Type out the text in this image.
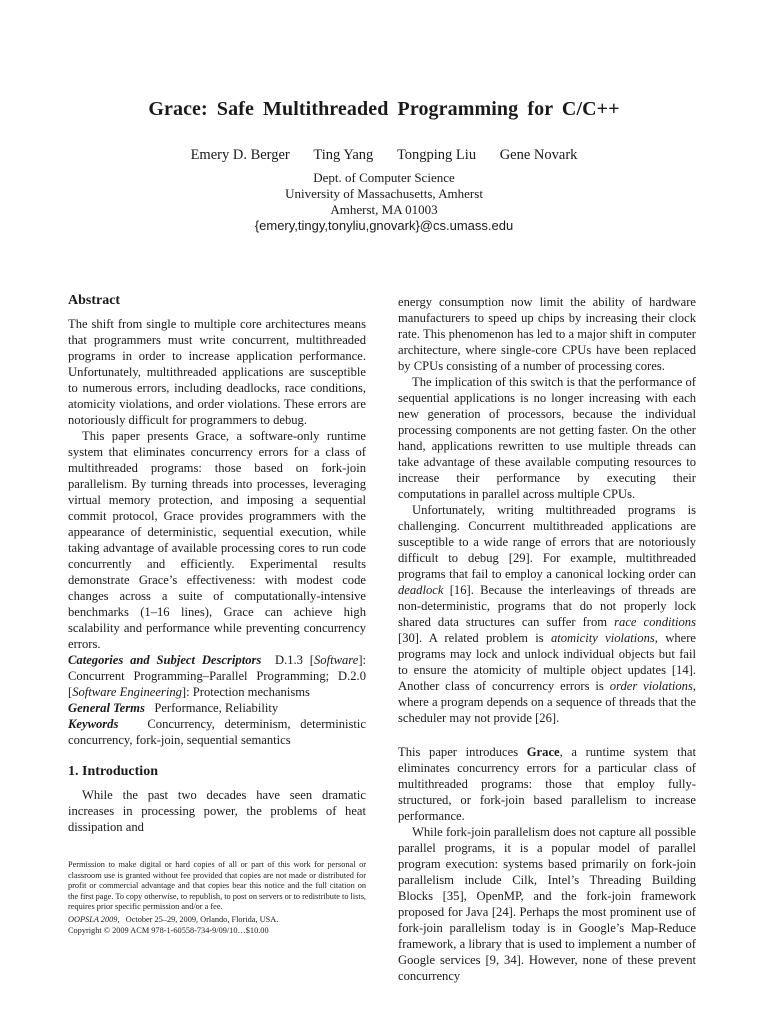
Grace: Safe Multithreaded Programming for C/C++
Emery D. Berger Ting Yang Tongping Liu Gene Novark
Dept. of Computer Science
University of Massachusetts, Amherst
Amherst, MA 01003
{emery,tingy,tonyliu,gnovark}@cs.umass.edu
Abstract

The shift from single to multiple core architectures means that programmers must write concurrent, multithreaded programs in order to increase application performance. Unfortunately, multithreaded applications are susceptible to numerous errors, including deadlocks, race conditions, atomicity violations, and order violations. These errors are notoriously difficult for programmers to debug.

This paper presents Grace, a software-only runtime system that eliminates concurrency errors for a class of multithreaded programs: those based on fork-join parallelism. By turning threads into processes, leveraging virtual memory protection, and imposing a sequential commit protocol, Grace provides programmers with the appearance of deterministic, sequential execution, while taking advantage of available processing cores to run code concurrently and efficiently. Experimental results demonstrate Grace’s effectiveness: with modest code changes across a suite of computationally-intensive benchmarks (1–16 lines), Grace can achieve high scalability and performance while preventing concurrency errors.

Categories and Subject Descriptors D.1.3 [Software]: Concurrent Programming–Parallel Programming; D.2.0 [Software Engineering]: Protection mechanisms

General Terms Performance, Reliability

Keywords Concurrency, determinism, deterministic concurrency, fork-join, sequential semantics

1. Introduction

While the past two decades have seen dramatic increases in processing power, the problems of heat dissipation and

Permission to make digital or hard copies of all or part of this work for personal or classroom use is granted without fee provided that copies are not made or distributed for profit or commercial advantage and that copies bear this notice and the full citation on the first page. To copy otherwise, to republish, to post on servers or to redistribute to lists, requires prior specific permission and/or a fee.

OOPSLA 2009, October 25–29, 2009, Orlando, Florida, USA.

Copyright © 2009 ACM 978-1-60558-734-9/09/10…$10.00

energy consumption now limit the ability of hardware manufacturers to speed up chips by increasing their clock rate. This phenomenon has led to a major shift in computer architecture, where single-core CPUs have been replaced by CPUs consisting of a number of processing cores.

The implication of this switch is that the performance of sequential applications is no longer increasing with each new generation of processors, because the individual processing components are not getting faster. On the other hand, applications rewritten to use multiple threads can take advantage of these available computing resources to increase their performance by executing their computations in parallel across multiple CPUs.

Unfortunately, writing multithreaded programs is challenging. Concurrent multithreaded applications are susceptible to a wide range of errors that are notoriously difficult to debug [29]. For example, multithreaded programs that fail to employ a canonical locking order can deadlock [16]. Because the interleavings of threads are non-deterministic, programs that do not properly lock shared data structures can suffer from race conditions [30]. A related problem is atomicity violations, where programs may lock and unlock individual objects but fail to ensure the atomicity of multiple object updates [14]. Another class of concurrency errors is order violations, where a program depends on a sequence of threads that the scheduler may not provide [26].

This paper introduces Grace, a runtime system that eliminates concurrency errors for a particular class of multithreaded programs: those that employ fully-structured, or fork-join based parallelism to increase performance.

While fork-join parallelism does not capture all possible parallel programs, it is a popular model of parallel program execution: systems based primarily on fork-join parallelism include Cilk, Intel’s Threading Building Blocks [35], OpenMP, and the fork-join framework proposed for Java [24]. Perhaps the most prominent use of fork-join parallelism today is in Google’s Map-Reduce framework, a library that is used to implement a number of Google services [9, 34]. However, none of these prevent concurrency
